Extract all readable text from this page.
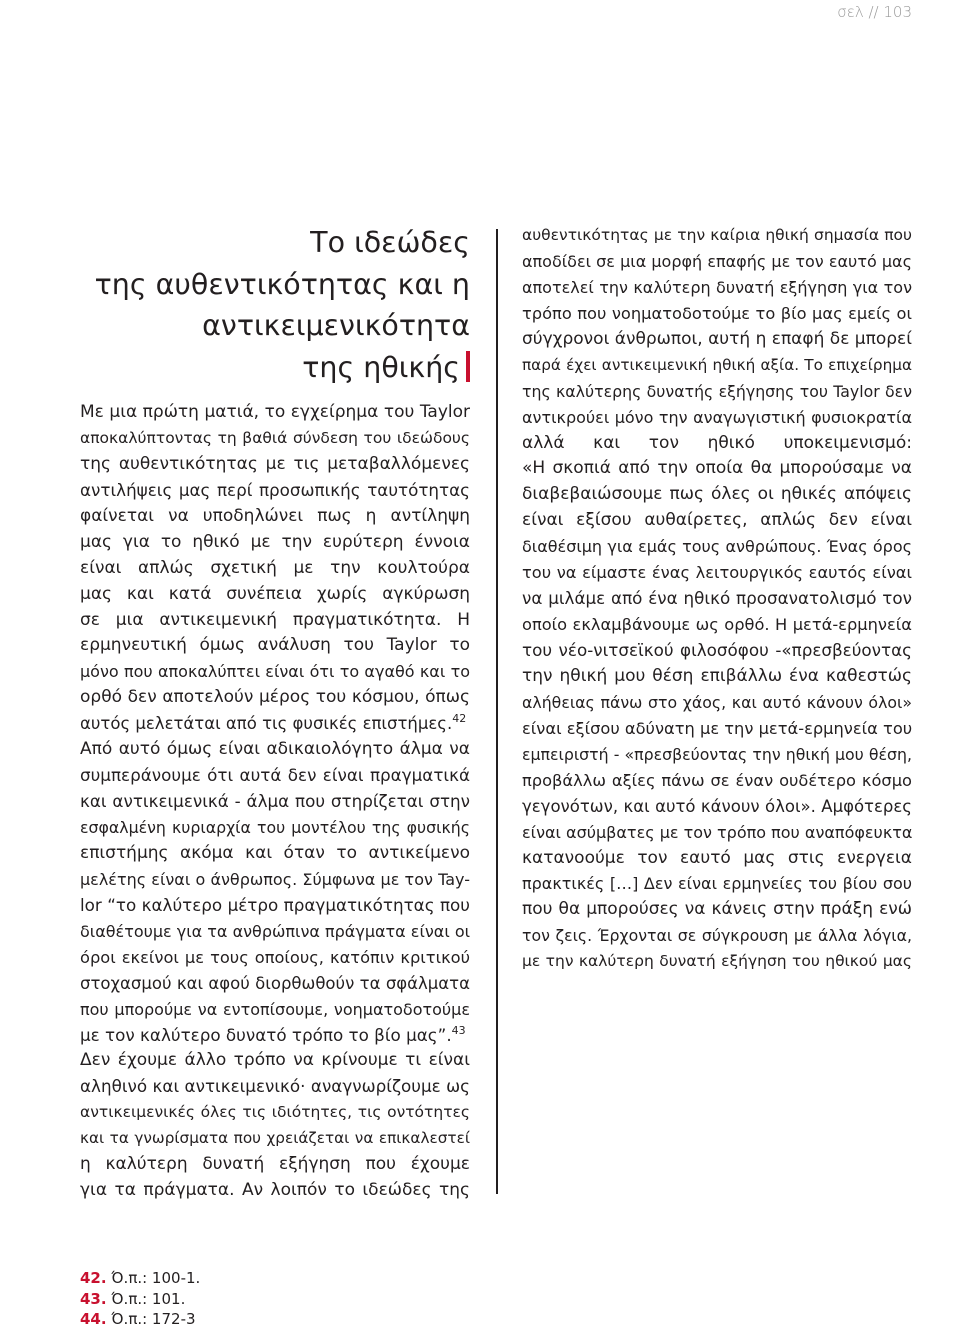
σελ // 103
Το ιδεώδες
της αυθεντικότητας και η
αντικειμενικότητα
της ηθικής
Με μια πρώτη ματιά, το εγχείρημα του Taylor
αποκαλύπτοντας τη βαθιά σύνδεση του ιδεώδους
της αυθεντικότητας με τις μεταβαλλόμενες
αντιλήψεις μας περί προσωπικής ταυτότητας
φαίνεται να υποδηλώνει πως η αντίληψη
μας για το ηθικό με την ευρύτερη έννοια
είναι απλώς σχετική με την κουλτούρα
μας και κατά συνέπεια χωρίς αγκύρωση
σε μια αντικειμενική πραγματικότητα. Η
ερμηνευτική όμως ανάλυση του Taylor το
μόνο που αποκαλύπτει είναι ότι το αγαθό και το
ορθό δεν αποτελούν μέρος του κόσμου, όπως
αυτός μελετάται από τις φυσικές επιστήμες.$^{42}$
Από αυτό όμως είναι αδικαιολόγητο άλμα να
συμπεράνουμε ότι αυτά δεν είναι πραγματικά
και αντικειμενικά - άλμα που στηρίζεται στην
εσφαλμένη κυριαρχία του μοντέλου της φυσικής
επιστήμης ακόμα και όταν το αντικείμενο
μελέτης είναι ο άνθρωπος. Σύμφωνα με τον Tay-
lor “το καλύτερο μέτρο πραγματικότητας που
διαθέτουμε για τα ανθρώπινα πράγματα είναι οι
όροι εκείνοι με τους οποίους, κατόπιν κριτικού
στοχασμού και αφού διορθωθούν τα σφάλματα
που μπορούμε να εντοπίσουμε, νοηματοδοτούμε
με τον καλύτερο δυνατό τρόπο το βίο μας”.$^{43}$
Δεν έχουμε άλλο τρόπο να κρίνουμε τι είναι
αληθινό και αντικειμενικό· αναγνωρίζουμε ως
αντικειμενικές όλες τις ιδιότητες, τις οντότητες
και τα γνωρίσματα που χρειάζεται να επικαλεστεί
η καλύτερη δυνατή εξήγηση που έχουμε
για τα πράγματα. Αν λοιπόν το ιδεώδες της
αυθεντικότητας με την καίρια ηθική σημασία που
αποδίδει σε μια μορφή επαφής με τον εαυτό μας
αποτελεί την καλύτερη δυνατή εξήγηση για τον
τρόπο που νοηματοδοτούμε το βίο μας εμείς οι
σύγχρονοι άνθρωποι, αυτή η επαφή δε μπορεί
παρά έχει αντικειμενική ηθική αξία. Το επιχείρημα
της καλύτερης δυνατής εξήγησης του Taylor δεν
αντικρούει μόνο την αναγωγιστική φυσιοκρατία
αλλά και τον ηθικό υποκειμενισμό:
«Η σκοπιά από την οποία θα μπορούσαμε να
διαβεβαιώσουμε πως όλες οι ηθικές απόψεις
είναι εξίσου αυθαίρετες, απλώς δεν είναι
διαθέσιμη για εμάς τους ανθρώπους. Ένας όρος
του να είμαστε ένας λειτουργικός εαυτός είναι
να μιλάμε από ένα ηθικό προσανατολισμό τον
οποίο εκλαμβάνουμε ως ορθό. Η μετά-ερμηνεία
του νέο-νιτσεϊκού φιλοσόφου -«πρεσβεύοντας
την ηθική μου θέση επιβάλλω ένα καθεστώς
αλήθειας πάνω στο χάος, και αυτό κάνουν όλοι»
είναι εξίσου αδύνατη με την μετά-ερμηνεία του
εμπειριστή - «πρεσβεύοντας την ηθική μου θέση,
προβάλλω αξίες πάνω σε έναν ουδέτερο κόσμο
γεγονότων, και αυτό κάνουν όλοι». Αμφότερες
είναι ασύμβατες με τον τρόπο που αναπόφευκτα
κατανοούμε τον εαυτό μας στις ενεργεια
πρακτικές […] Δεν είναι ερμηνείες του βίου σου
που θα μπορούσες να κάνεις στην πράξη ενώ
τον ζεις. Έρχονται σε σύγκρουση με άλλα λόγια,
με την καλύτερη δυνατή εξήγηση του ηθικού μας
42. Ό.π.: 100-1.
43. Ό.π.: 101.
44. Ό.π.: 172-3
